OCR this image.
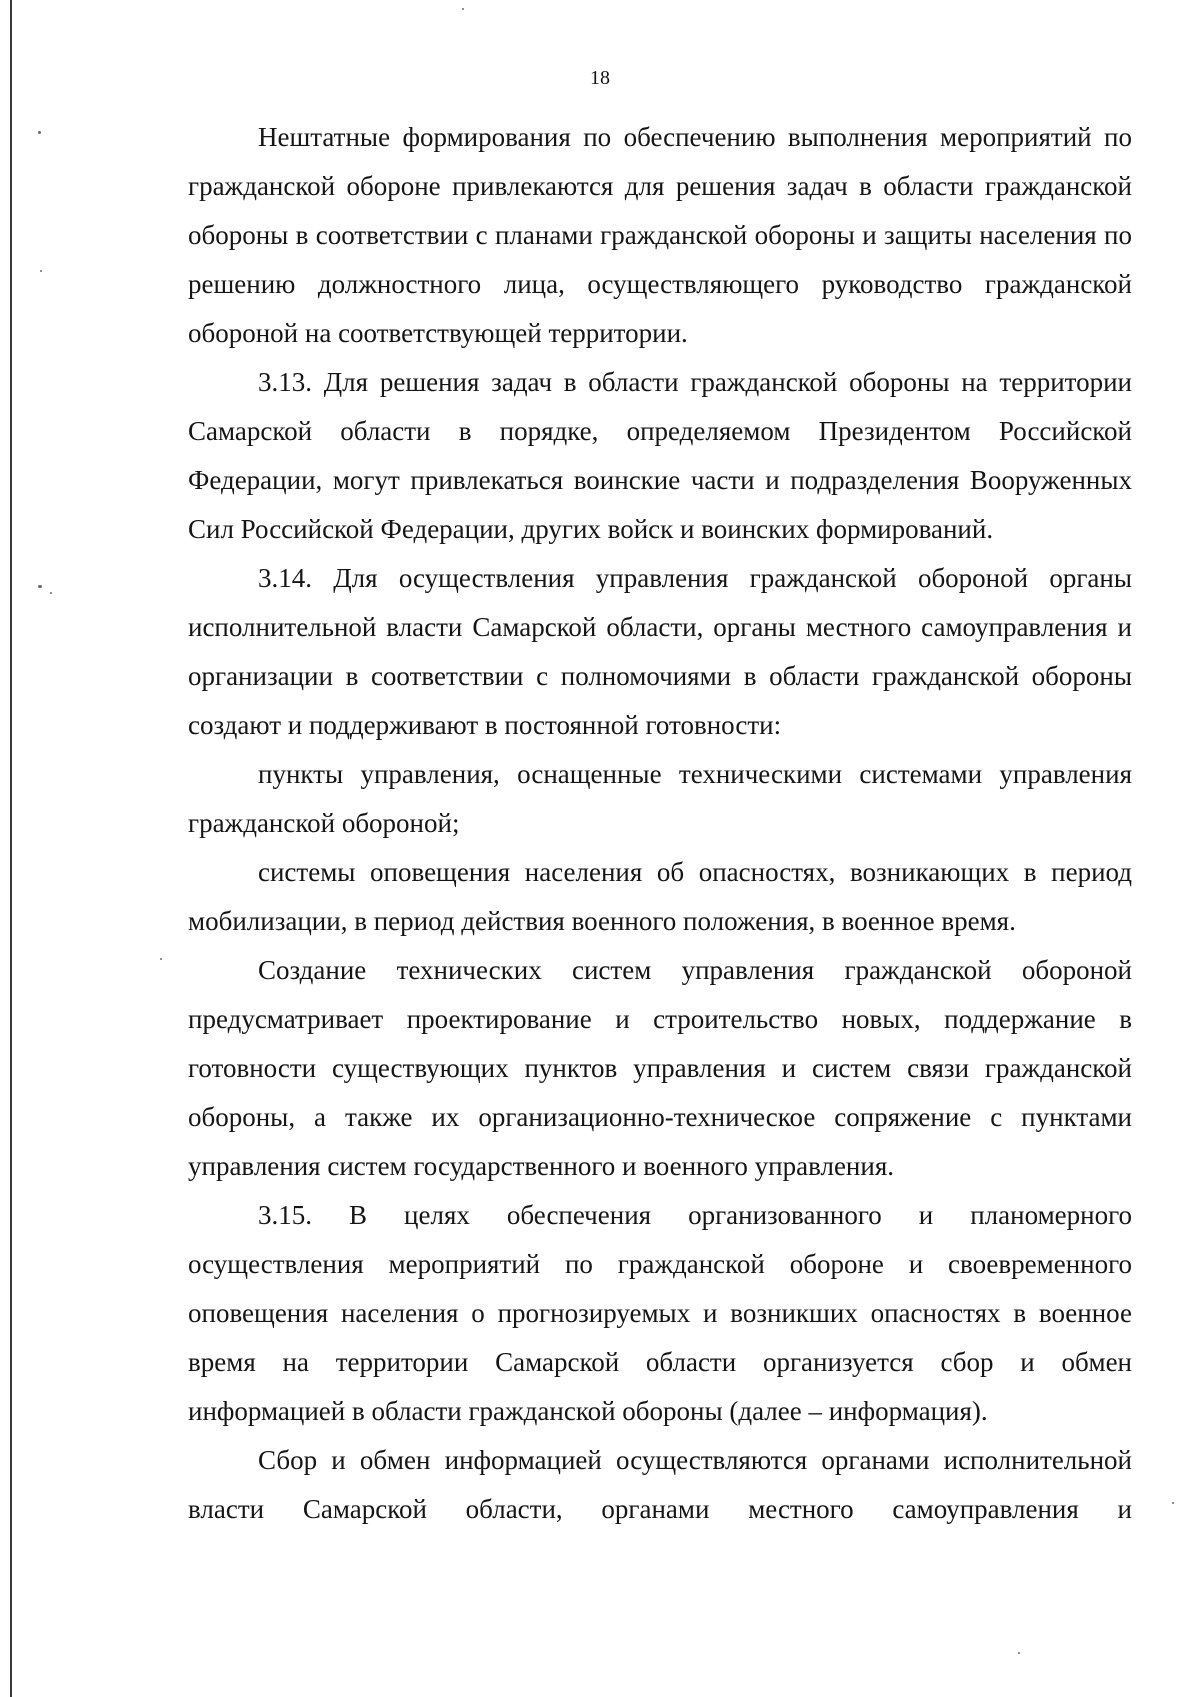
18

Нештатные формирования по обеспечению выполнения мероприятий по гражданской обороне привлекаются для решения задач в области гражданской обороны в соответствии с планами гражданской обороны и защиты населения по решению должностного лица, осуществляющего руководство гражданской обороной на соответствующей территории.

3.13. Для решения задач в области гражданской обороны на территории Самарской области в порядке, определяемом Президентом Российской Федерации, могут привлекаться воинские части и подразделения Вооруженных Сил Российской Федерации, других войск и воинских формирований.

3.14. Для осуществления управления гражданской обороной органы исполнительной власти Самарской области, органы местного самоуправления и организации в соответствии с полномочиями в области гражданской обороны создают и поддерживают в постоянной готовности:

пункты управления, оснащенные техническими системами управления гражданской обороной;

системы оповещения населения об опасностях, возникающих в период мобилизации, в период действия военного положения, в военное время.

Создание технических систем управления гражданской обороной предусматривает проектирование и строительство новых, поддержание в готовности существующих пунктов управления и систем связи гражданской обороны, а также их организационно-техническое сопряжение с пунктами управления систем государственного и военного управления.

3.15. В целях обеспечения организованного и планомерного осуществления мероприятий по гражданской обороне и своевременного оповещения населения о прогнозируемых и возникших опасностях в военное время на территории Самарской области организуется сбор и обмен информацией в области гражданской обороны (далее – информация).

Сбор и обмен информацией осуществляются органами исполнительной власти Самарской области, органами местного самоуправления и
